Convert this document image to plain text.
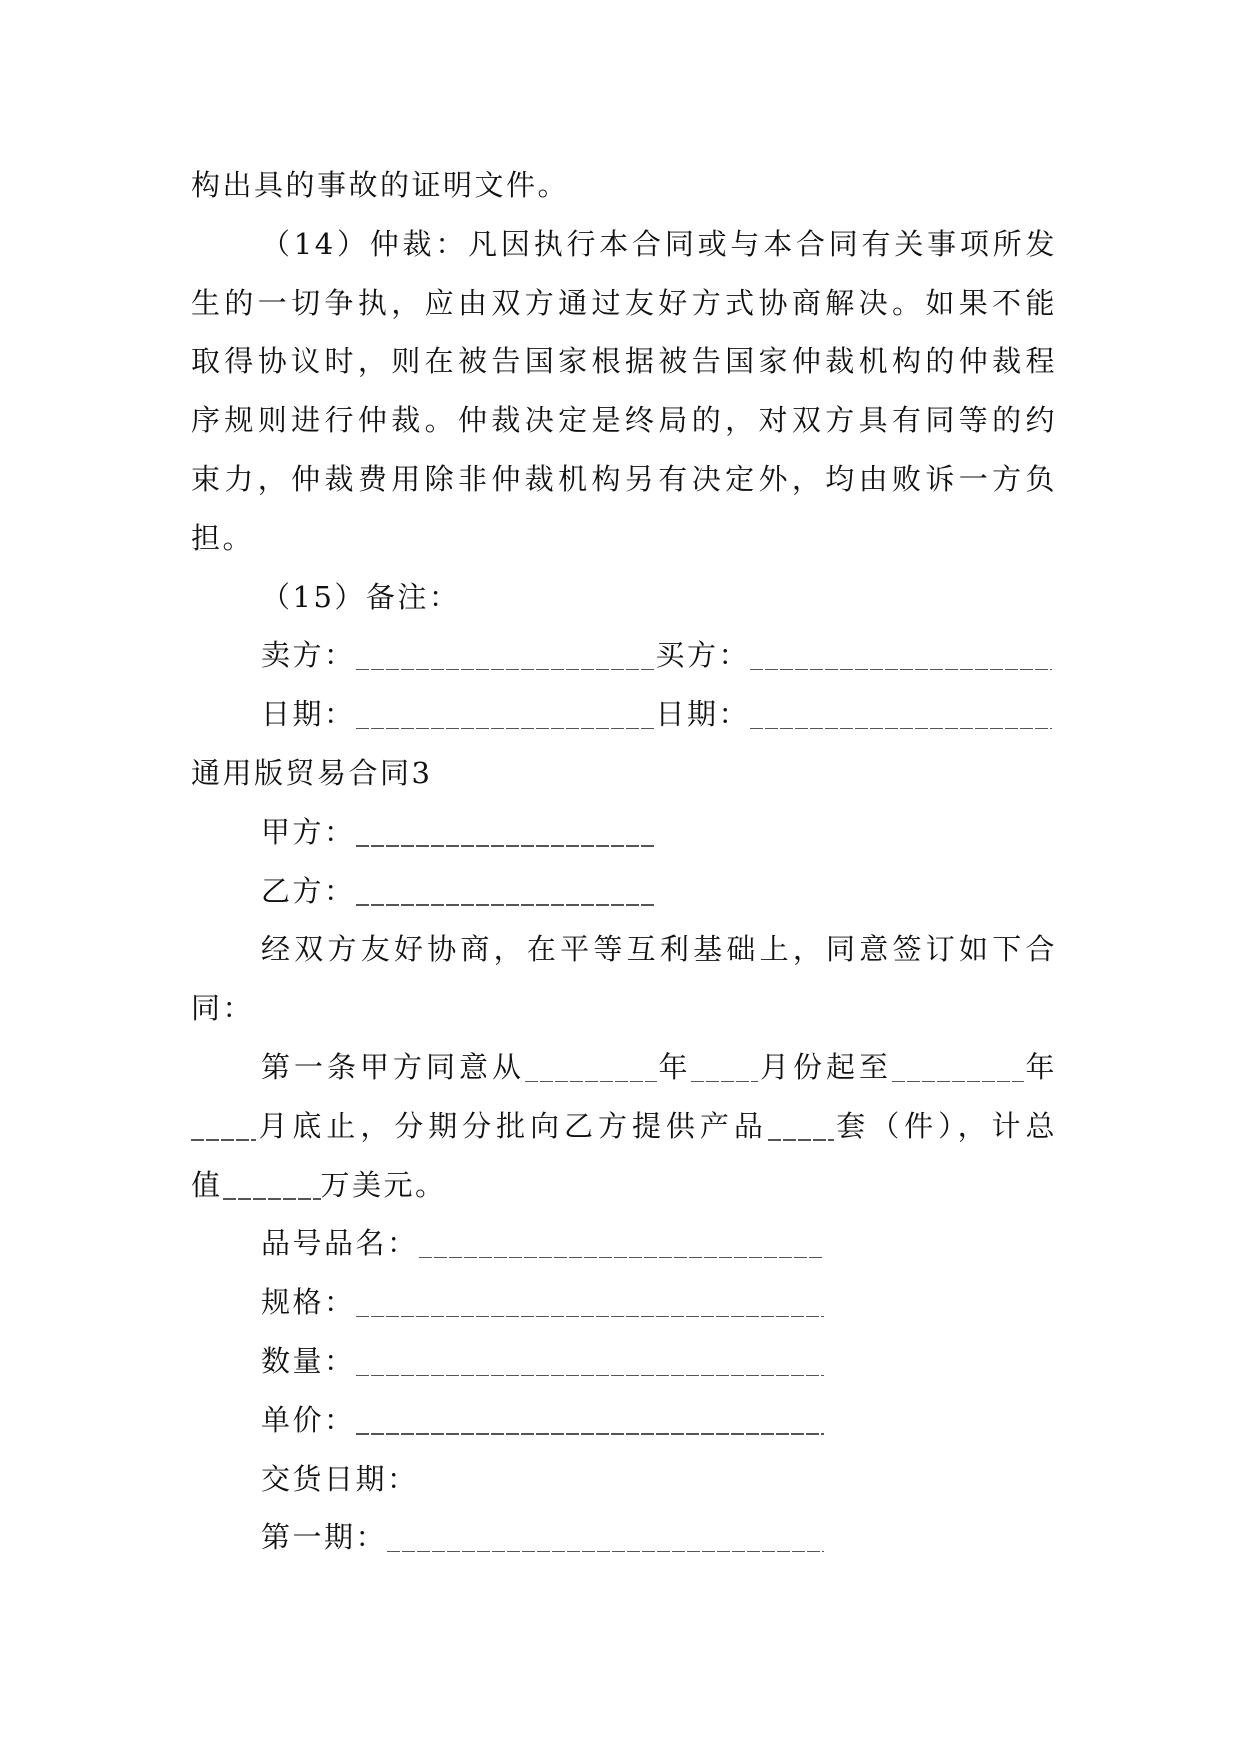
构出具的事故的证明文件。
（14）仲裁：凡因执行本合同或与本合同有关事项所发
生的一切争执，应由双方通过友好方式协商解决。如果不能
取得协议时，则在被告国家根据被告国家仲裁机构的仲裁程
序规则进行仲裁。仲裁决定是终局的，对双方具有同等的约
束力，仲裁费用除非仲裁机构另有决定外，均由败诉一方负
担。
（15）备注：
卖方：	买方：
日期：	日期：
通用版贸易合同3
甲方：
乙方：
经双方友好协商，在平等互利基础上，同意签订如下合
同：
第一条甲方同意从	年 月份起至	年
月底止，分期分批向乙方提供产品 套（件），计总
值	万美元。
品号品名：
规格：
数量：
单价：
交货日期：
第一期：
